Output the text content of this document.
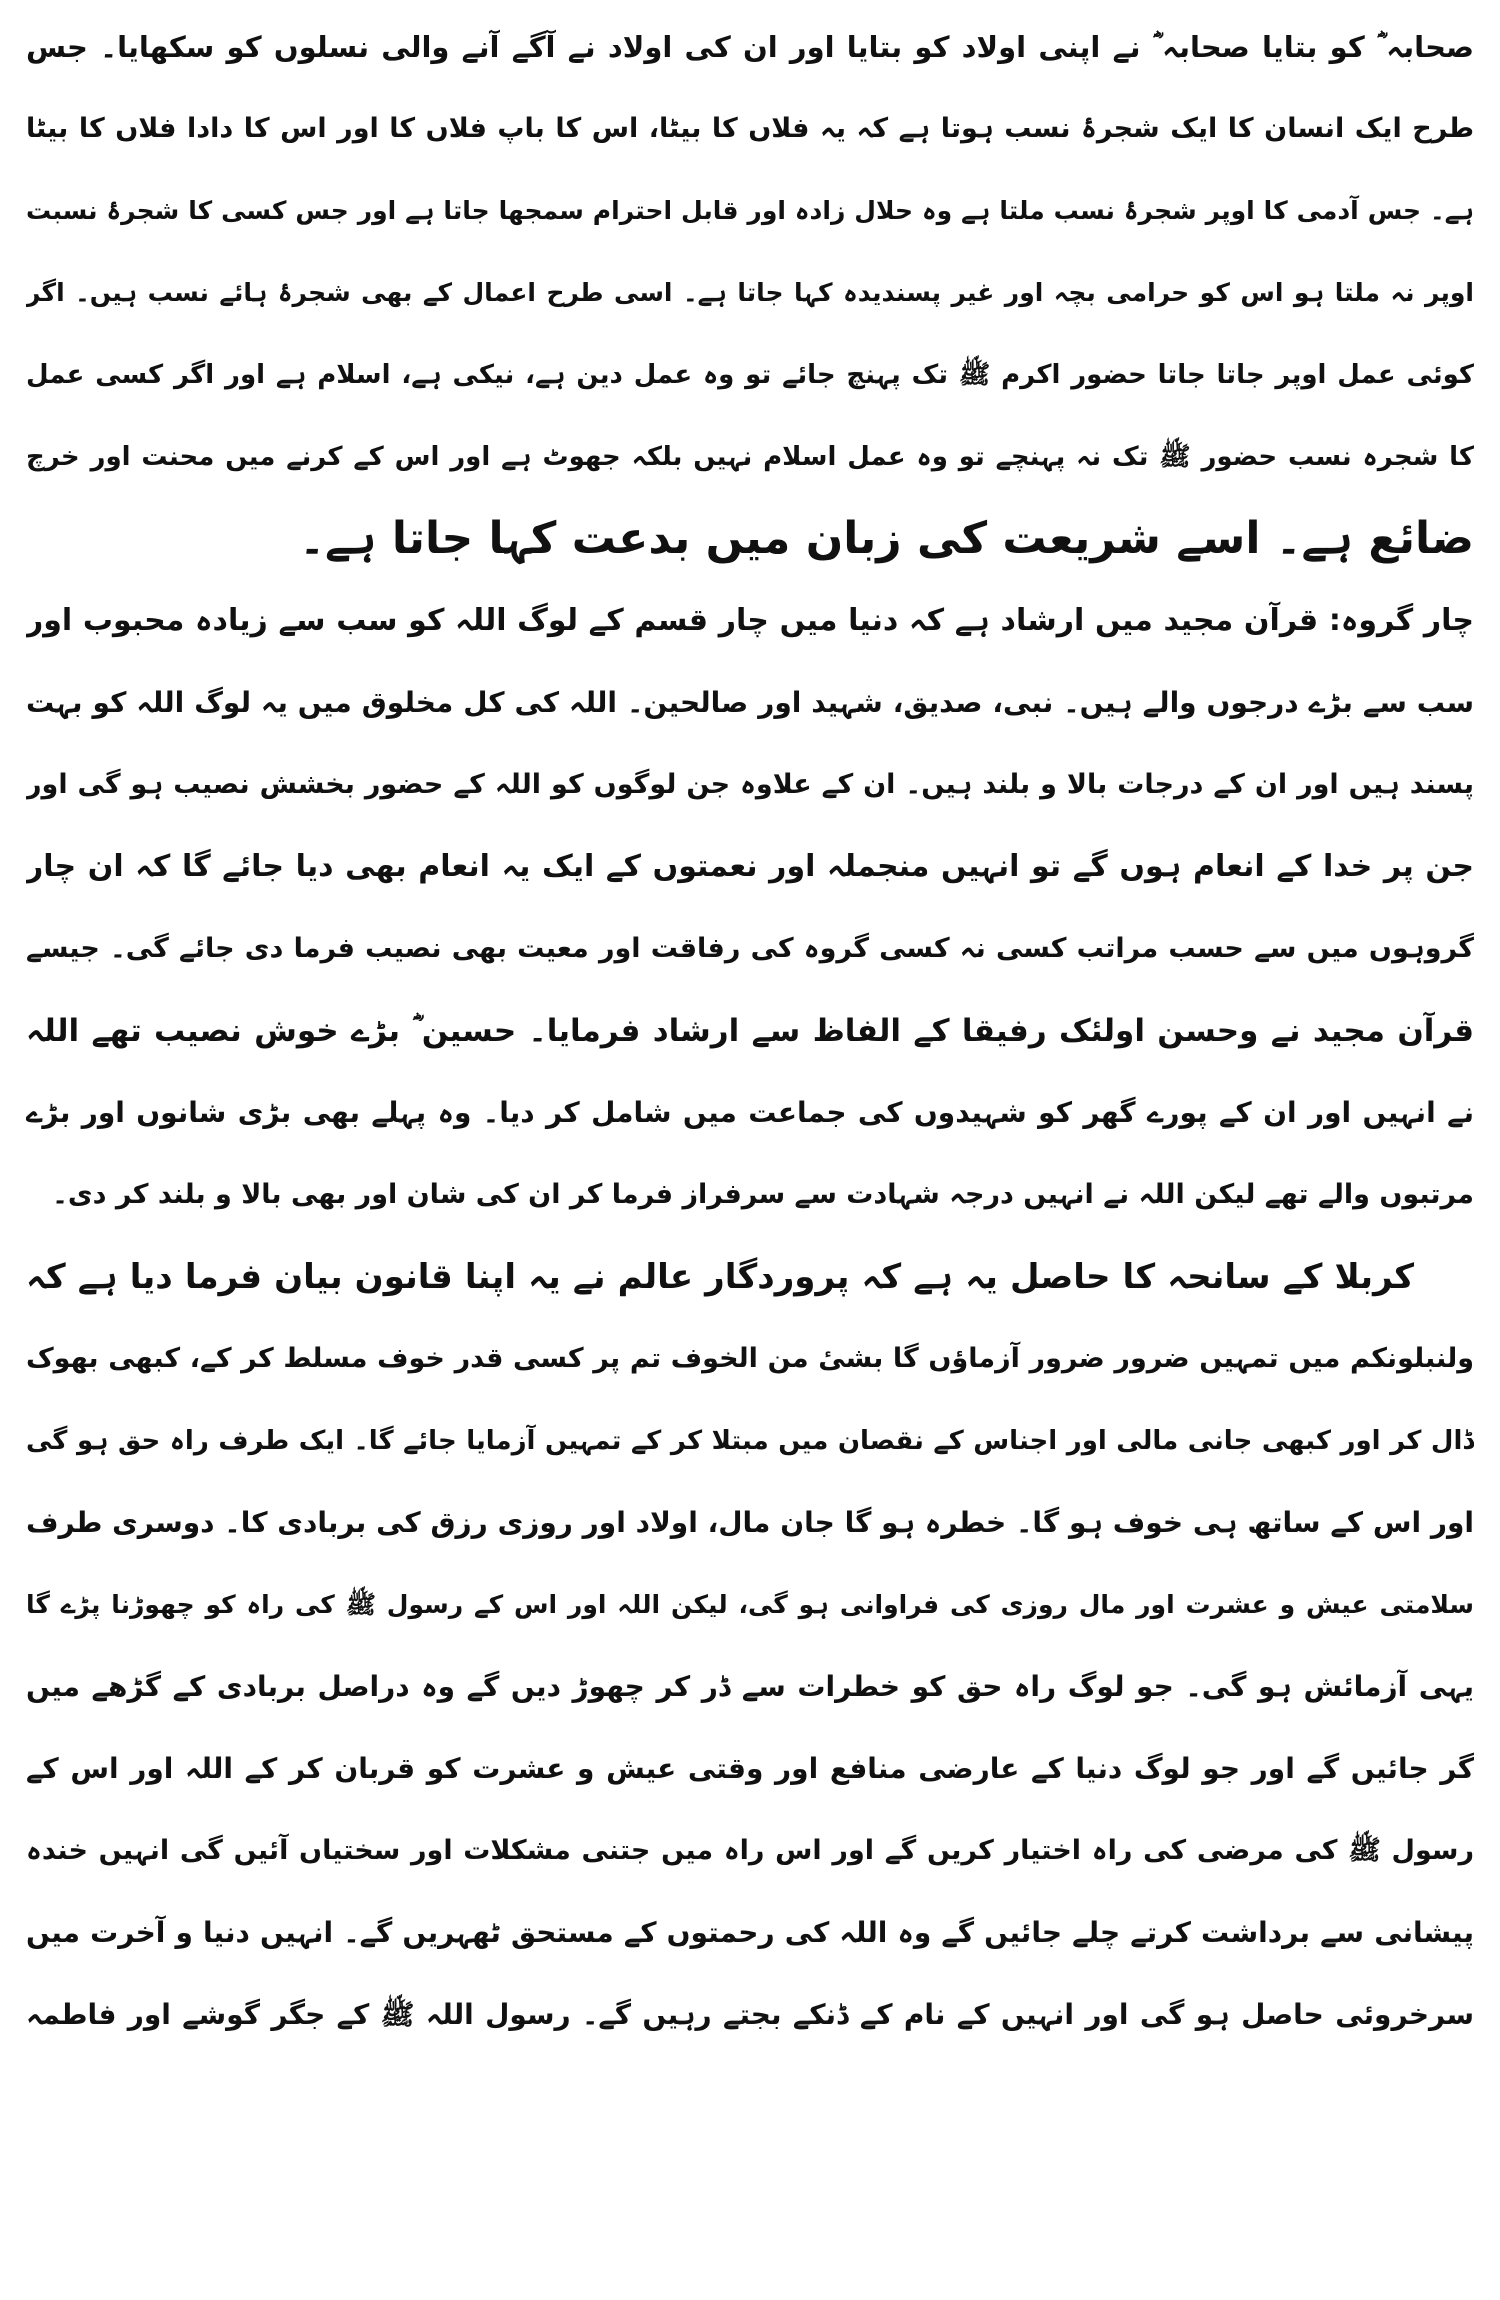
صحابہ ؓ کو بتایا صحابہ ؓ نے اپنی اولاد کو بتایا اور ان کی اولاد نے آگے آنے والی نسلوں کو سکھایا۔ جس
طرح ایک انسان کا ایک شجرۂ نسب ہوتا ہے کہ یہ فلاں کا بیٹا، اس کا باپ فلاں کا اور اس کا دادا فلاں کا بیٹا
ہے۔ جس آدمی کا اوپر شجرۂ نسب ملتا ہے وہ حلال زادہ اور قابل احترام سمجھا جاتا ہے اور جس کسی کا شجرۂ نسبت
اوپر نہ ملتا ہو اس کو حرامی بچہ اور غیر پسندیدہ کہا جاتا ہے۔ اسی طرح اعمال کے بھی شجرۂ ہائے نسب ہیں۔ اگر
کوئی عمل اوپر جاتا جاتا حضور اکرم ﷺ تک پہنچ جائے تو وہ عمل دین ہے، نیکی ہے، اسلام ہے اور اگر کسی عمل
کا شجرہ نسب حضور ﷺ تک نہ پہنچے تو وہ عمل اسلام نہیں بلکہ جھوٹ ہے اور اس کے کرنے میں محنت اور خرچ
ضائع ہے۔ اسے شریعت کی زبان میں بدعت کہا جاتا ہے۔
چار گروہ: قرآن مجید میں ارشاد ہے کہ دنیا میں چار قسم کے لوگ اللہ کو سب سے زیادہ محبوب اور
سب سے بڑے درجوں والے ہیں۔ نبی، صدیق، شہید اور صالحین۔ اللہ کی کل مخلوق میں یہ لوگ اللہ کو بہت
پسند ہیں اور ان کے درجات بالا و بلند ہیں۔ ان کے علاوہ جن لوگوں کو اللہ کے حضور بخشش نصیب ہو گی اور
جن پر خدا کے انعام ہوں گے تو انہیں منجملہ اور نعمتوں کے ایک یہ انعام بھی دیا جائے گا کہ ان چار
گروہوں میں سے حسب مراتب کسی نہ کسی گروہ کی رفاقت اور معیت بھی نصیب فرما دی جائے گی۔ جیسے
قرآن مجید نے وحسن اولئک رفیقا کے الفاظ سے ارشاد فرمایا۔ حسین ؓ بڑے خوش نصیب تھے اللہ
نے انہیں اور ان کے پورے گھر کو شہیدوں کی جماعت میں شامل کر دیا۔ وہ پہلے بھی بڑی شانوں اور بڑے
مرتبوں والے تھے لیکن اللہ نے انہیں درجہ شہادت سے سرفراز فرما کر ان کی شان اور بھی بالا و بلند کر دی۔
کربلا کے سانحہ کا حاصل یہ ہے کہ پروردگار عالم نے یہ اپنا قانون بیان فرما دیا ہے کہ
ولنبلونکم میں تمہیں ضرور ضرور آزماؤں گا بشیٔ من الخوف تم پر کسی قدر خوف مسلط کر کے، کبھی بھوک
ڈال کر اور کبھی جانی مالی اور اجناس کے نقصان میں مبتلا کر کے تمہیں آزمایا جائے گا۔ ایک طرف راہ حق ہو گی
اور اس کے ساتھ ہی خوف ہو گا۔ خطرہ ہو گا جان مال، اولاد اور روزی رزق کی بربادی کا۔ دوسری طرف
سلامتی عیش و عشرت اور مال روزی کی فراوانی ہو گی، لیکن اللہ اور اس کے رسول ﷺ کی راہ کو چھوڑنا پڑے گا
یہی آزمائش ہو گی۔ جو لوگ راہ حق کو خطرات سے ڈر کر چھوڑ دیں گے وہ دراصل بربادی کے گڑھے میں
گر جائیں گے اور جو لوگ دنیا کے عارضی منافع اور وقتی عیش و عشرت کو قربان کر کے اللہ اور اس کے
رسول ﷺ کی مرضی کی راہ اختیار کریں گے اور اس راہ میں جتنی مشکلات اور سختیاں آئیں گی انہیں خندہ
پیشانی سے برداشت کرتے چلے جائیں گے وہ اللہ کی رحمتوں کے مستحق ٹھہریں گے۔ انہیں دنیا و آخرت میں
سرخروئی حاصل ہو گی اور انہیں کے نام کے ڈنکے بجتے رہیں گے۔ رسول اللہ ﷺ کے جگر گوشے اور فاطمہ
